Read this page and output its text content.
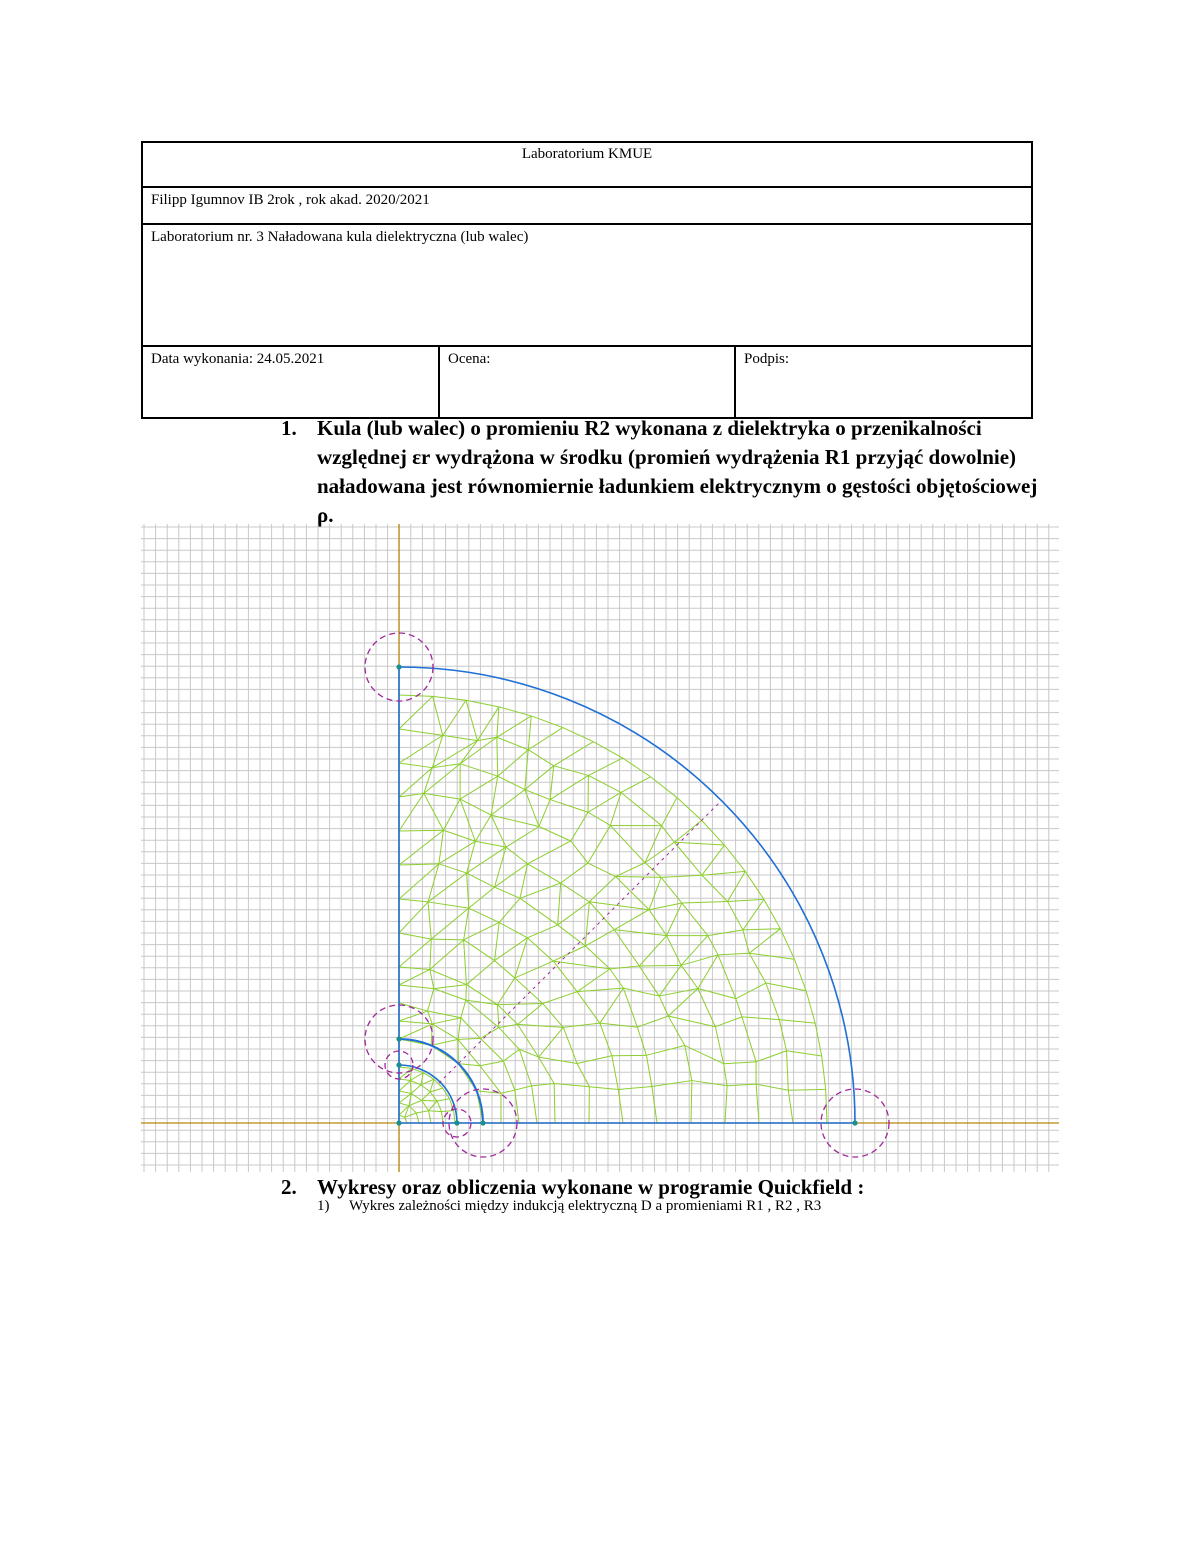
Laboratorium KMUE
Filipp Igumnov IB 2rok , rok akad. 2020/2021
Laboratorium nr. 3 Naładowana kula dielektryczna (lub walec)
Data wykonania: 24.05.2021	Ocena:	Podpis:
1. Kula (lub walec) o promieniu R2 wykonana z dielektryka o przenikalności względnej εr wydrążona w środku (promień wydrążenia R1 przyjąć dowolnie) naładowana jest równomiernie ładunkiem elektrycznym o gęstości objętościowej ρ.
2. Wykresy oraz obliczenia wykonane w programie Quickfield :
1) Wykres zależności między indukcją elektryczną D a promieniami R1 , R2 , R3
